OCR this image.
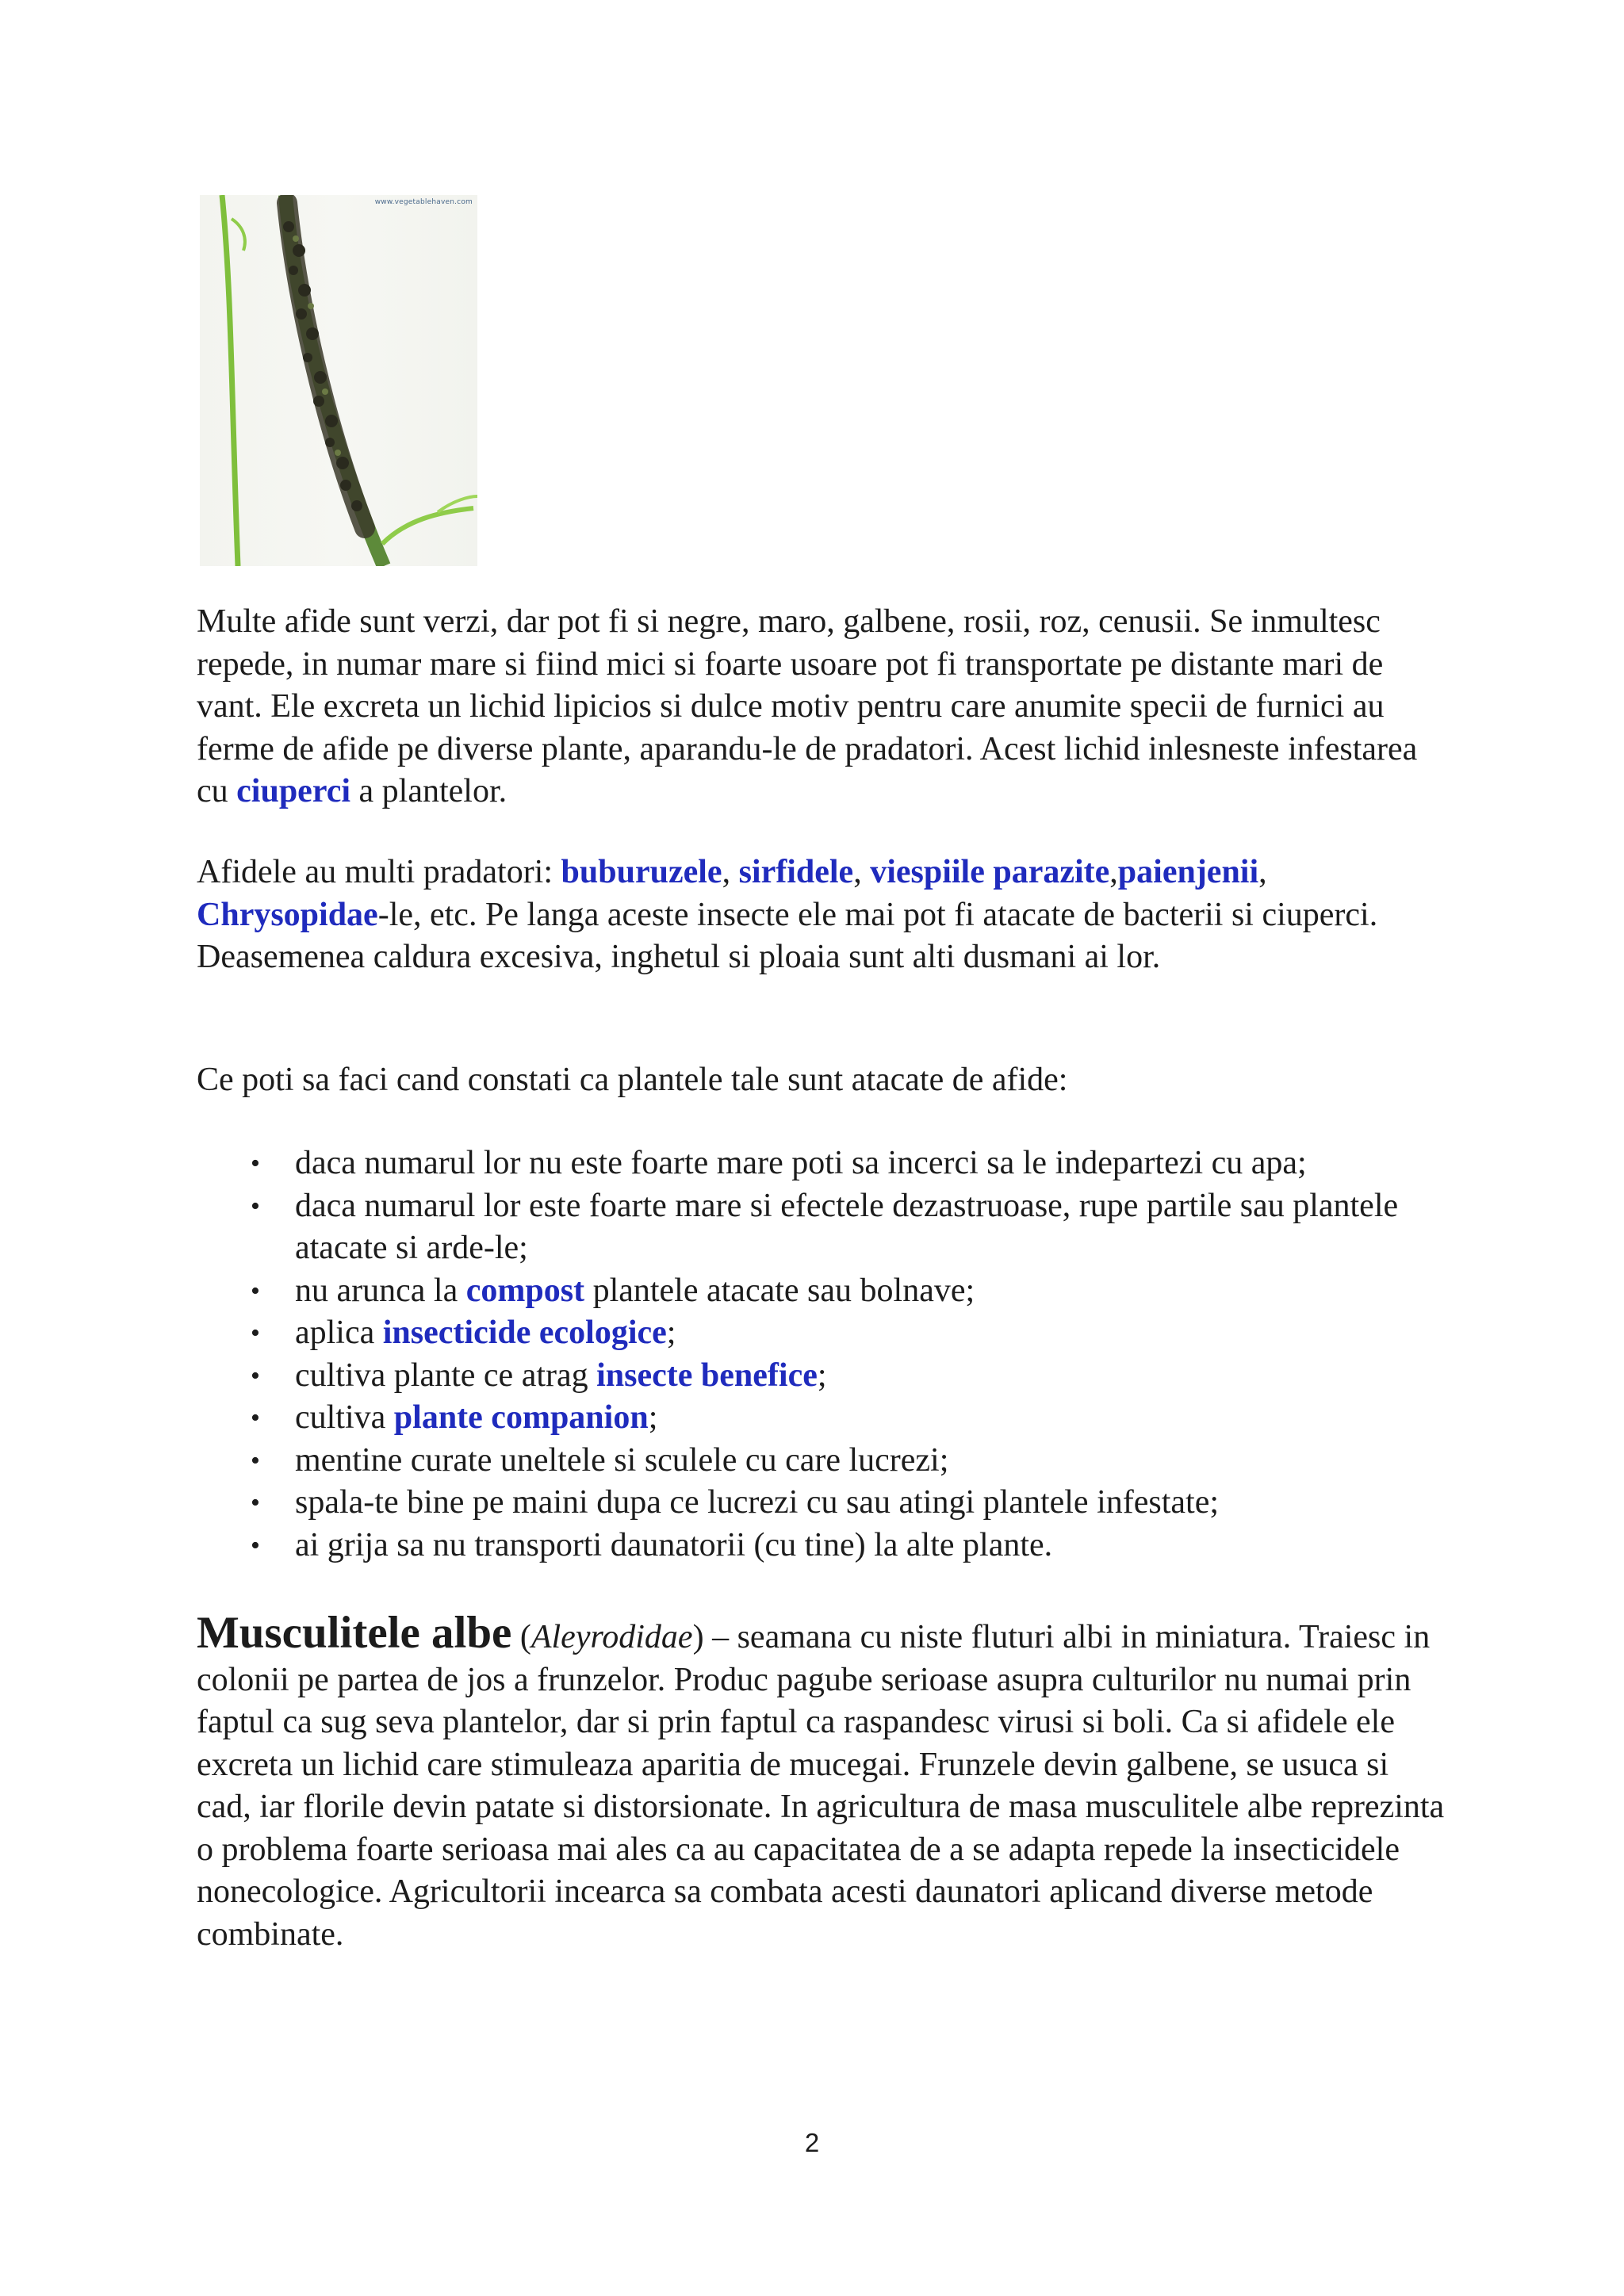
www.vegetablehaven.com

Multe afide sunt verzi, dar pot fi si negre, maro, galbene, rosii, roz, cenusii. Se inmultesc repede, in numar mare si fiind mici si foarte usoare pot fi transportate pe distante mari de vant. Ele excreta un lichid lipicios si dulce motiv pentru care anumite specii de furnici au ferme de afide pe diverse plante, aparandu-le de pradatori. Acest lichid inlesneste infestarea cu ciuperci a plantelor.

Afidele au multi pradatori: buburuzele, sirfidele, viespiile parazite,paienjenii, Chrysopidae-le, etc. Pe langa aceste insecte ele mai pot fi atacate de bacterii si ciuperci. Deasemenea caldura excesiva, inghetul si ploaia sunt alti dusmani ai lor.

Ce poti sa faci cand constati ca plantele tale sunt atacate de afide:

• daca numarul lor nu este foarte mare poti sa incerci sa le indepartezi cu apa;
• daca numarul lor este foarte mare si efectele dezastruoase, rupe partile sau plantele atacate si arde-le;
• nu arunca la compost plantele atacate sau bolnave;
• aplica insecticide ecologice;
• cultiva plante ce atrag insecte benefice;
• cultiva plante companion;
• mentine curate uneltele si sculele cu care lucrezi;
• spala-te bine pe maini dupa ce lucrezi cu sau atingi plantele infestate;
• ai grija sa nu transporti daunatorii (cu tine) la alte plante.

Musculitele albe (Aleyrodidae) – seamana cu niste fluturi albi in miniatura. Traiesc in colonii pe partea de jos a frunzelor. Produc pagube serioase asupra culturilor nu numai prin faptul ca sug seva plantelor, dar si prin faptul ca raspandesc virusi si boli. Ca si afidele ele excreta un lichid care stimuleaza aparitia de mucegai. Frunzele devin galbene, se usuca si cad, iar florile devin patate si distorsionate. In agricultura de masa musculitele albe reprezinta o problema foarte serioasa mai ales ca au capacitatea de a se adapta repede la insecticidele nonecologice. Agricultorii incearca sa combata acesti daunatori aplicand diverse metode combinate.

2
